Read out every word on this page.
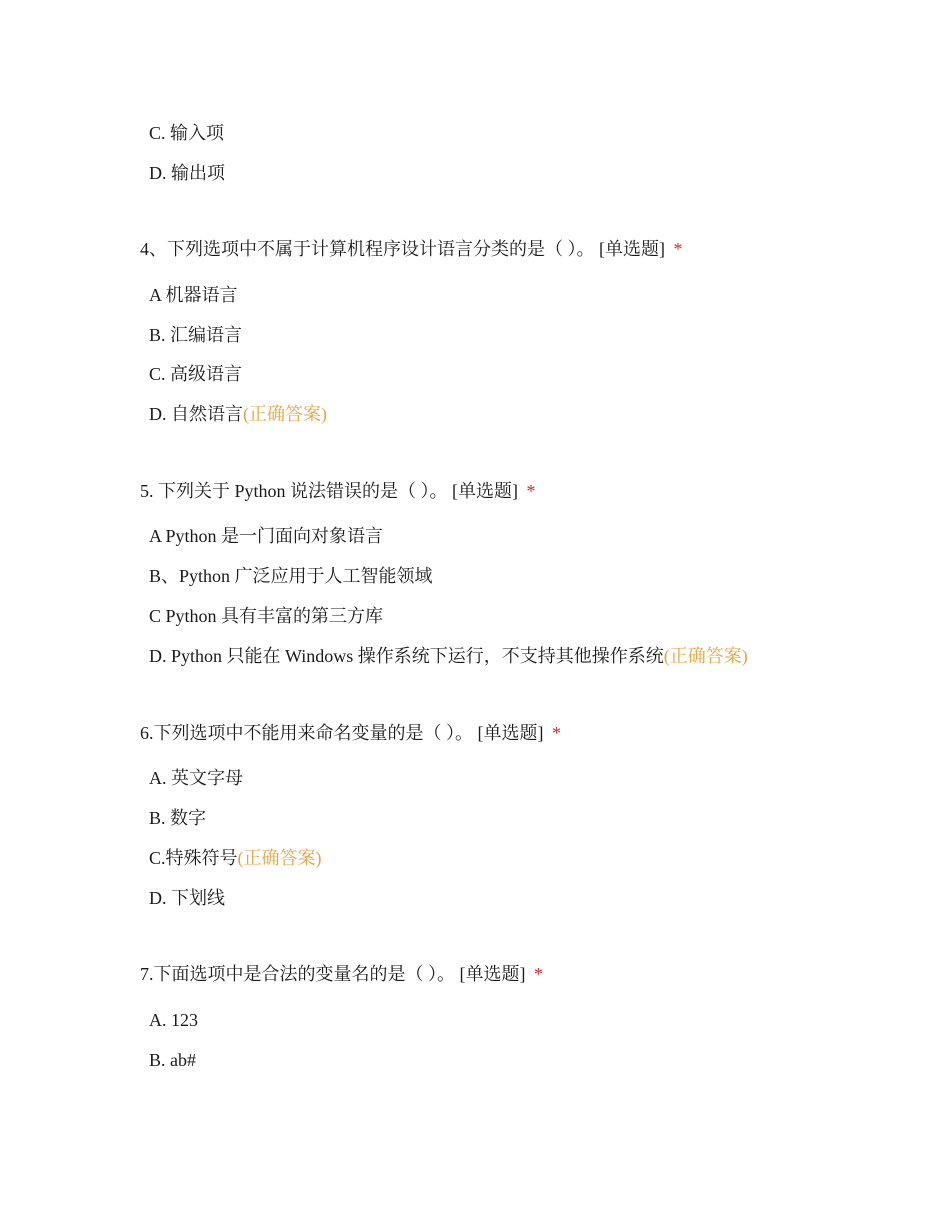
C. 输入项
D. 输出项
4、下列选项中不属于计算机程序设计语言分类的是（ ）。 [单选题] *
A 机器语言
B. 汇编语言
C. 高级语言
D. 自然语言(正确答案)
5. 下列关于 Python 说法错误的是（ ）。 [单选题] *
A Python 是一门面向对象语言
B、Python 广泛应用于人工智能领域
C Python 具有丰富的第三方库
D. Python 只能在 Windows 操作系统下运行，不支持其他操作系统(正确答案)
6.下列选项中不能用来命名变量的是（ ）。 [单选题] *
A. 英文字母
B. 数字
C.特殊符号(正确答案)
D. 下划线
7.下面选项中是合法的变量名的是（ ）。 [单选题] *
A. 123
B. ab#
